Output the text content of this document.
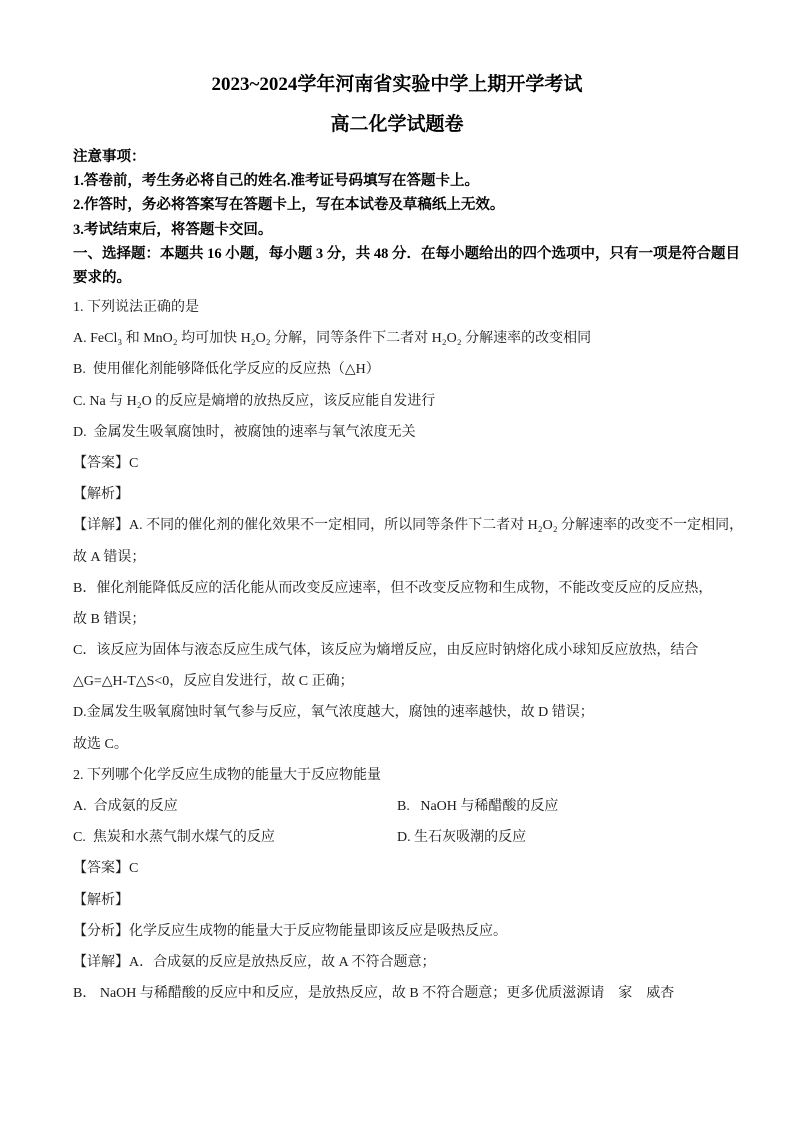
2023~2024学年河南省实验中学上期开学考试
高二化学试题卷
注意事项：
1.答卷前，考生务必将自己的姓名.准考证号码填写在答题卡上。
2.作答时，务必将答案写在答题卡上，写在本试卷及草稿纸上无效。
3.考试结束后，将答题卡交回。
一、选择题：本题共 16 小题，每小题 3 分，共 48 分．在每小题给出的四个选项中，只有一项是符合题目
要求的。
1. 下列说法正确的是
A. FeCl₃ 和 MnO₂ 均可加快 H₂O₂ 分解，同等条件下二者对 H₂O₂ 分解速率的改变相同
B.  使用催化剂能够降低化学反应的反应热（△H）
C. Na 与 H₂O 的反应是熵增的放热反应，该反应能自发进行
D.  金属发生吸氧腐蚀时，被腐蚀的速率与氧气浓度无关
【答案】C
【解析】
【详解】A. 不同的催化剂的催化效果不一定相同，所以同等条件下二者对 H₂O₂ 分解速率的改变不一定相同，
故 A 错误；
B．催化剂能降低反应的活化能从而改变反应速率，但不改变反应物和生成物，不能改变反应的反应热，
故 B 错误；
C．该反应为固体与液态反应生成气体，该反应为熵增反应，由反应时钠熔化成小球知反应放热，结合
△G=△H-T△S<0，反应自发进行，故 C 正确；
D.金属发生吸氧腐蚀时氧气参与反应，氧气浓度越大，腐蚀的速率越快，故 D 错误；
故选 C。
2. 下列哪个化学反应生成物的能量大于反应物能量
A.  合成氨的反应	B.   NaOH 与稀醋酸的反应
C.  焦炭和水蒸气制水煤气的反应	D. 生石灰吸潮的反应
【答案】C
【解析】
【分析】化学反应生成物的能量大于反应物能量即该反应是吸热反应。
【详解】A．合成氨的反应是放热反应，故 A 不符合题意；
B． NaOH 与稀醋酸的反应中和反应，是放热反应，故 B 不符合题意；更多优质滋源请　家　威杏
